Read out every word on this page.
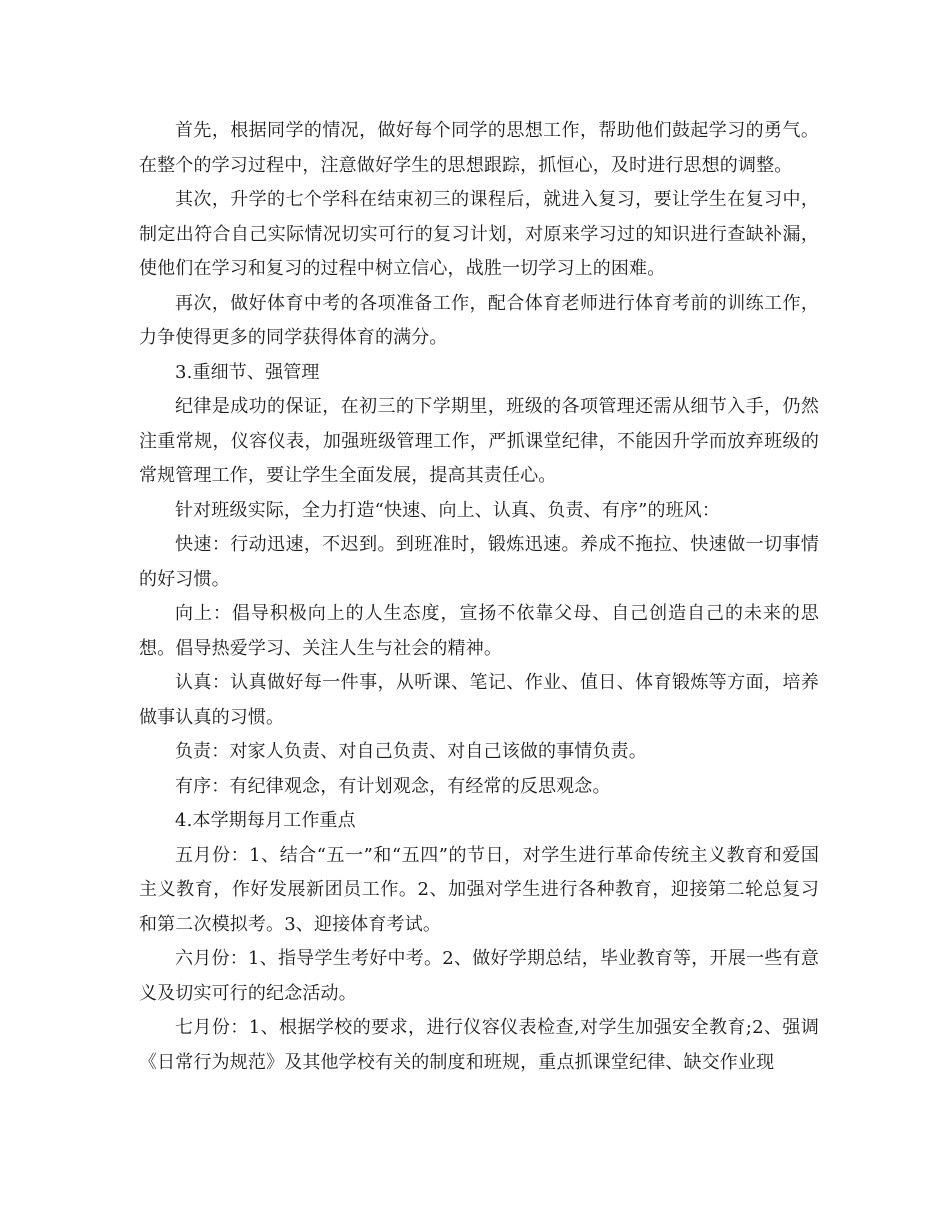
首先，根据同学的情况，做好每个同学的思想工作，帮助他们鼓起学习的勇气。在整个的学习过程中，注意做好学生的思想跟踪，抓恒心，及时进行思想的调整。

其次，升学的七个学科在结束初三的课程后，就进入复习，要让学生在复习中，制定出符合自己实际情况切实可行的复习计划，对原来学习过的知识进行查缺补漏，使他们在学习和复习的过程中树立信心，战胜一切学习上的困难。

再次，做好体育中考的各项准备工作，配合体育老师进行体育考前的训练工作，力争使得更多的同学获得体育的满分。

3.重细节、强管理

纪律是成功的保证，在初三的下学期里，班级的各项管理还需从细节入手，仍然注重常规，仪容仪表，加强班级管理工作，严抓课堂纪律，不能因升学而放弃班级的常规管理工作，要让学生全面发展，提高其责任心。

针对班级实际，全力打造“快速、向上、认真、负责、有序”的班风：

快速：行动迅速，不迟到。到班准时，锻炼迅速。养成不拖拉、快速做一切事情的好习惯。

向上：倡导积极向上的人生态度，宣扬不依靠父母、自己创造自己的未来的思想。倡导热爱学习、关注人生与社会的精神。

认真：认真做好每一件事，从听课、笔记、作业、值日、体育锻炼等方面，培养做事认真的习惯。

负责：对家人负责、对自己负责、对自己该做的事情负责。

有序：有纪律观念，有计划观念，有经常的反思观念。

4.本学期每月工作重点

五月份：1、结合“五一”和“五四”的节日，对学生进行革命传统主义教育和爱国主义教育，作好发展新团员工作。2、加强对学生进行各种教育，迎接第二轮总复习和第二次模拟考。3、迎接体育考试。

六月份：1、指导学生考好中考。2、做好学期总结，毕业教育等，开展一些有意义及切实可行的纪念活动。

七月份：1、根据学校的要求，进行仪容仪表检查,对学生加强安全教育;2、强调《日常行为规范》及其他学校有关的制度和班规，重点抓课堂纪律、缺交作业现
